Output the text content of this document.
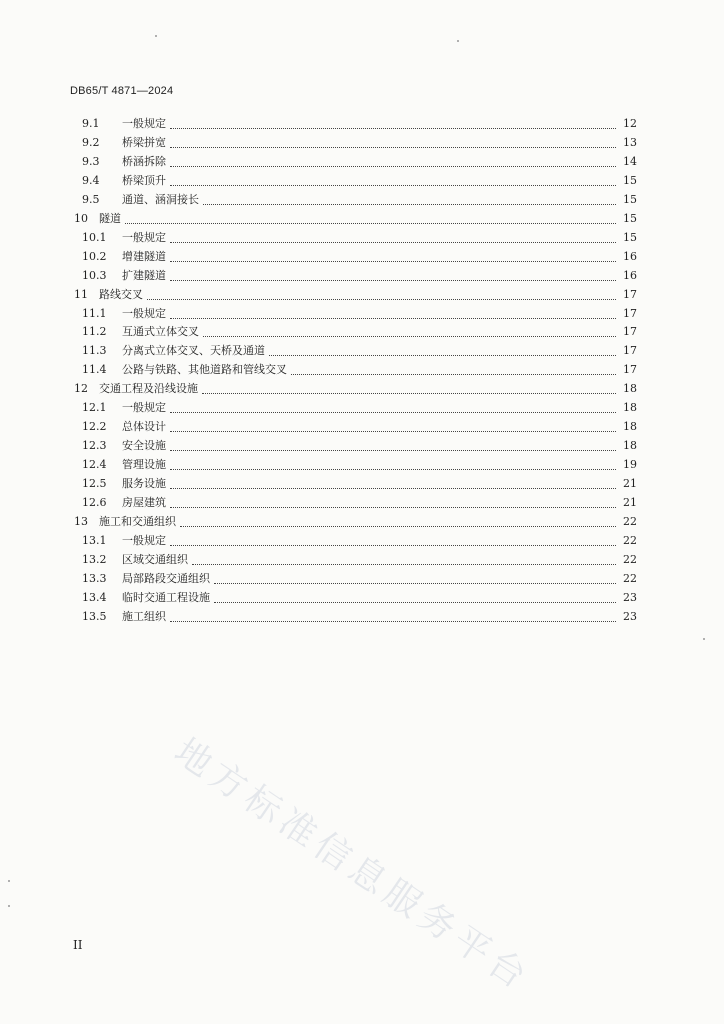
DB65/T 4871—2024
9.1 一般规定	12
9.2 桥梁拼宽	13
9.3 桥涵拆除	14
9.4 桥梁顶升	15
9.5 通道、涵洞接长	15
10 隧道	15
10.1 一般规定	15
10.2 增建隧道	16
10.3 扩建隧道	16
11 路线交叉	17
11.1 一般规定	17
11.2 互通式立体交叉	17
11.3 分离式立体交叉、天桥及通道	17
11.4 公路与铁路、其他道路和管线交叉	17
12 交通工程及沿线设施	18
12.1 一般规定	18
12.2 总体设计	18
12.3 安全设施	18
12.4 管理设施	19
12.5 服务设施	21
12.6 房屋建筑	21
13 施工和交通组织	22
13.1 一般规定	22
13.2 区域交通组织	22
13.3 局部路段交通组织	22
13.4 临时交通工程设施	23
13.5 施工组织	23
地方标准信息服务平台
II
